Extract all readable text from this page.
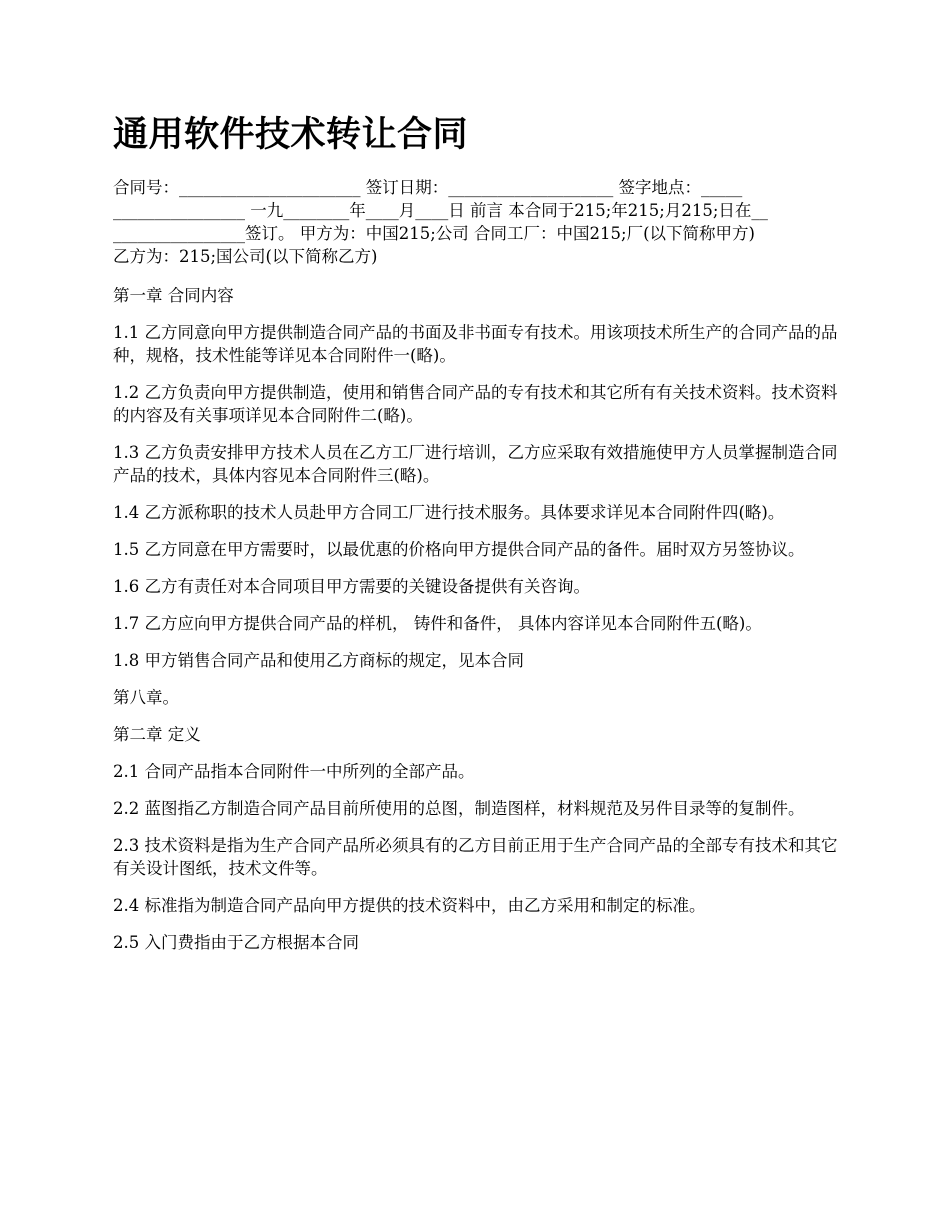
通用软件技术转让合同
合同号：______________________ 签订日期：____________________ 签字地点：_____
________________ 一九________年____月____日 前言 本合同于215;年215;月215;日在__
________________签订。 甲方为：中国215;公司 合同工厂：中国215;厂(以下简称甲方)
乙方为：215;国公司(以下简称乙方)

第一章 合同内容

1.1 乙方同意向甲方提供制造合同产品的书面及非书面专有技术。用该项技术所生产的合同产品的品种，规格，技术性能等详见本合同附件一(略)。

1.2 乙方负责向甲方提供制造，使用和销售合同产品的专有技术和其它所有有关技术资料。技术资料的内容及有关事项详见本合同附件二(略)。

1.3 乙方负责安排甲方技术人员在乙方工厂进行培训，乙方应采取有效措施使甲方人员掌握制造合同产品的技术，具体内容见本合同附件三(略)。

1.4 乙方派称职的技术人员赴甲方合同工厂进行技术服务。具体要求详见本合同附件四(略)。

1.5 乙方同意在甲方需要时，以最优惠的价格向甲方提供合同产品的备件。届时双方另签协议。

1.6 乙方有责任对本合同项目甲方需要的关键设备提供有关咨询。

1.7 乙方应向甲方提供合同产品的样机， 铸件和备件， 具体内容详见本合同附件五(略)。

1.8 甲方销售合同产品和使用乙方商标的规定，见本合同

第八章。

第二章 定义

2.1 合同产品指本合同附件一中所列的全部产品。

2.2 蓝图指乙方制造合同产品目前所使用的总图，制造图样，材料规范及另件目录等的复制件。

2.3 技术资料是指为生产合同产品所必须具有的乙方目前正用于生产合同产品的全部专有技术和其它有关设计图纸，技术文件等。

2.4 标准指为制造合同产品向甲方提供的技术资料中，由乙方采用和制定的标准。

2.5 入门费指由于乙方根据本合同
